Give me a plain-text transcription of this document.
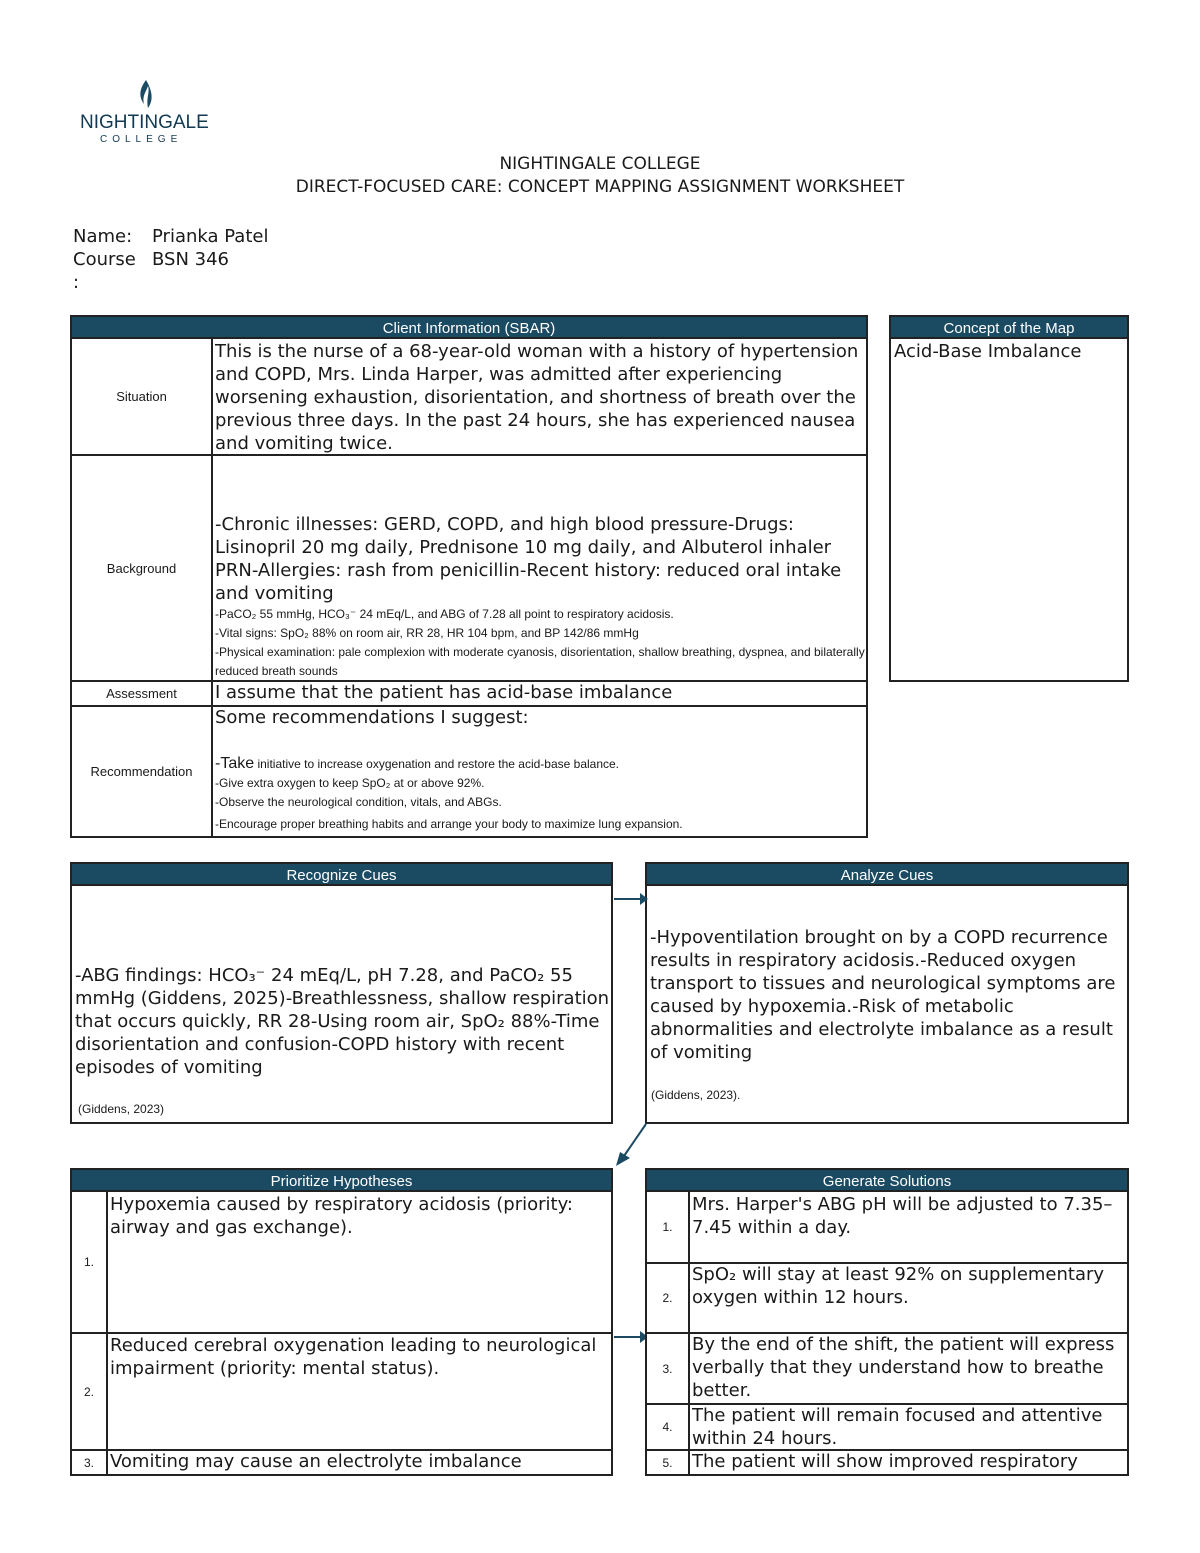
NIGHTINGALE
COLLEGE
NIGHTINGALE COLLEGE
DIRECT-FOCUSED CARE: CONCEPT MAPPING ASSIGNMENT WORKSHEET
Name: Prianka Patel
Course BSN 346
:
Client Information (SBAR)
Situation
This is the nurse of a 68-year-old woman with a history of hypertension and COPD, Mrs. Linda Harper, was admitted after experiencing worsening exhaustion, disorientation, and shortness of breath over the previous three days. In the past 24 hours, she has experienced nausea and vomiting twice.
Background
-Chronic illnesses: GERD, COPD, and high blood pressure-Drugs: Lisinopril 20 mg daily, Prednisone 10 mg daily, and Albuterol inhaler PRN-Allergies: rash from penicillin-Recent history: reduced oral intake and vomiting
-PaCO₂ 55 mmHg, HCO₃⁻ 24 mEq/L, and ABG of 7.28 all point to respiratory acidosis.
-Vital signs: SpO₂ 88% on room air, RR 28, HR 104 bpm, and BP 142/86 mmHg
-Physical examination: pale complexion with moderate cyanosis, disorientation, shallow breathing, dyspnea, and bilaterally reduced breath sounds
Assessment	I assume that the patient has acid-base imbalance
Recommendation
Some recommendations I suggest:
-Take initiative to increase oxygenation and restore the acid-base balance.
-Give extra oxygen to keep SpO₂ at or above 92%.
-Observe the neurological condition, vitals, and ABGs.
-Encourage proper breathing habits and arrange your body to maximize lung expansion.
Concept of the Map
Acid-Base Imbalance
Recognize Cues
-ABG findings: HCO₃⁻ 24 mEq/L, pH 7.28, and PaCO₂ 55 mmHg (Giddens, 2025)-Breathlessness, shallow respiration that occurs quickly, RR 28-Using room air, SpO₂ 88%-Time disorientation and confusion-COPD history with recent episodes of vomiting
(Giddens, 2023)
Analyze Cues
-Hypoventilation brought on by a COPD recurrence results in respiratory acidosis.-Reduced oxygen transport to tissues and neurological symptoms are caused by hypoxemia.-Risk of metabolic abnormalities and electrolyte imbalance as a result of vomiting
(Giddens, 2023).
Prioritize Hypotheses
1.
Hypoxemia caused by respiratory acidosis (priority: airway and gas exchange).
2.
Reduced cerebral oxygenation leading to neurological impairment (priority: mental status).
3. Vomiting may cause an electrolyte imbalance
Generate Solutions
1.
Mrs. Harper's ABG pH will be adjusted to 7.35–7.45 within a day.
2.
SpO₂ will stay at least 92% on supplementary oxygen within 12 hours.
3.
By the end of the shift, the patient will express verbally that they understand how to breathe better.
4.
The patient will remain focused and attentive within 24 hours.
5.	The patient will show improved respiratory
